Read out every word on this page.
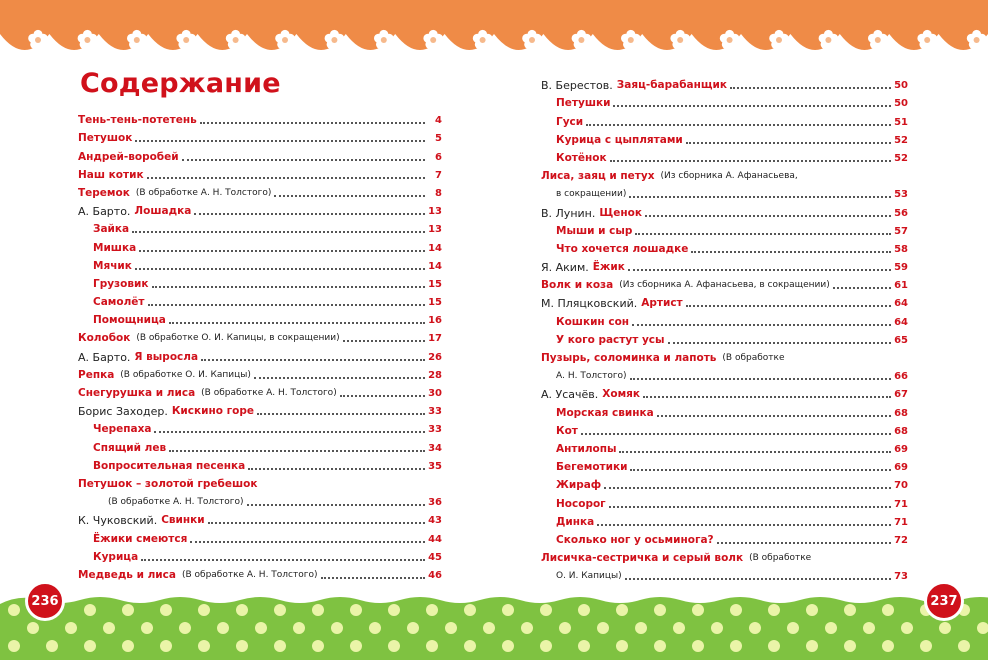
Содержание
Тень-тень-потетень	4
Петушок	5
Андрей-воробей	6
Наш котик	7
Теремок (В обработке А. Н. Толстого)	8
А. Барто. Лошадка	13
Зайка	13
Мишка	14
Мячик	14
Грузовик	15
Самолёт	15
Помощница	16
Колобок (В обработке О. И. Капицы, в сокращении)	17
А. Барто. Я выросла	26
Репка (В обработке О. И. Капицы)	28
Снегурушка и лиса (В обработке А. Н. Толстого)	30
Борис Заходер. Кискино горе	33
Черепаха	33
Спящий лев	34
Вопросительная песенка	35
Петушок – золотой гребешок
(В обработке А. Н. Толстого)	36
К. Чуковский. Свинки	43
Ёжики смеются	44
Курица	45
Медведь и лиса (В обработке А. Н. Толстого)	46
В. Берестов. Заяц-барабанщик	50
Петушки	50
Гуси	51
Курица с цыплятами	52
Котёнок	52
Лиса, заяц и петух (Из сборника А. Афанасьева,
в сокращении)	53
В. Лунин. Щенок	56
Мыши и сыр	57
Что хочется лошадке	58
Я. Аким. Ёжик	59
Волк и коза (Из сборника А. Афанасьева, в сокращении)	61
М. Пляцковский. Артист	64
Кошкин сон	64
У кого растут усы	65
Пузырь, соломинка и лапоть (В обработке
А. Н. Толстого)	66
А. Усачёв. Хомяк	67
Морская свинка	68
Кот	68
Антилопы	69
Бегемотики	69
Жираф	70
Носорог	71
Динка	71
Сколько ног у осьминога?	72
Лисичка-сестричка и серый волк (В обработке
О. И. Капицы)	73
236	237
